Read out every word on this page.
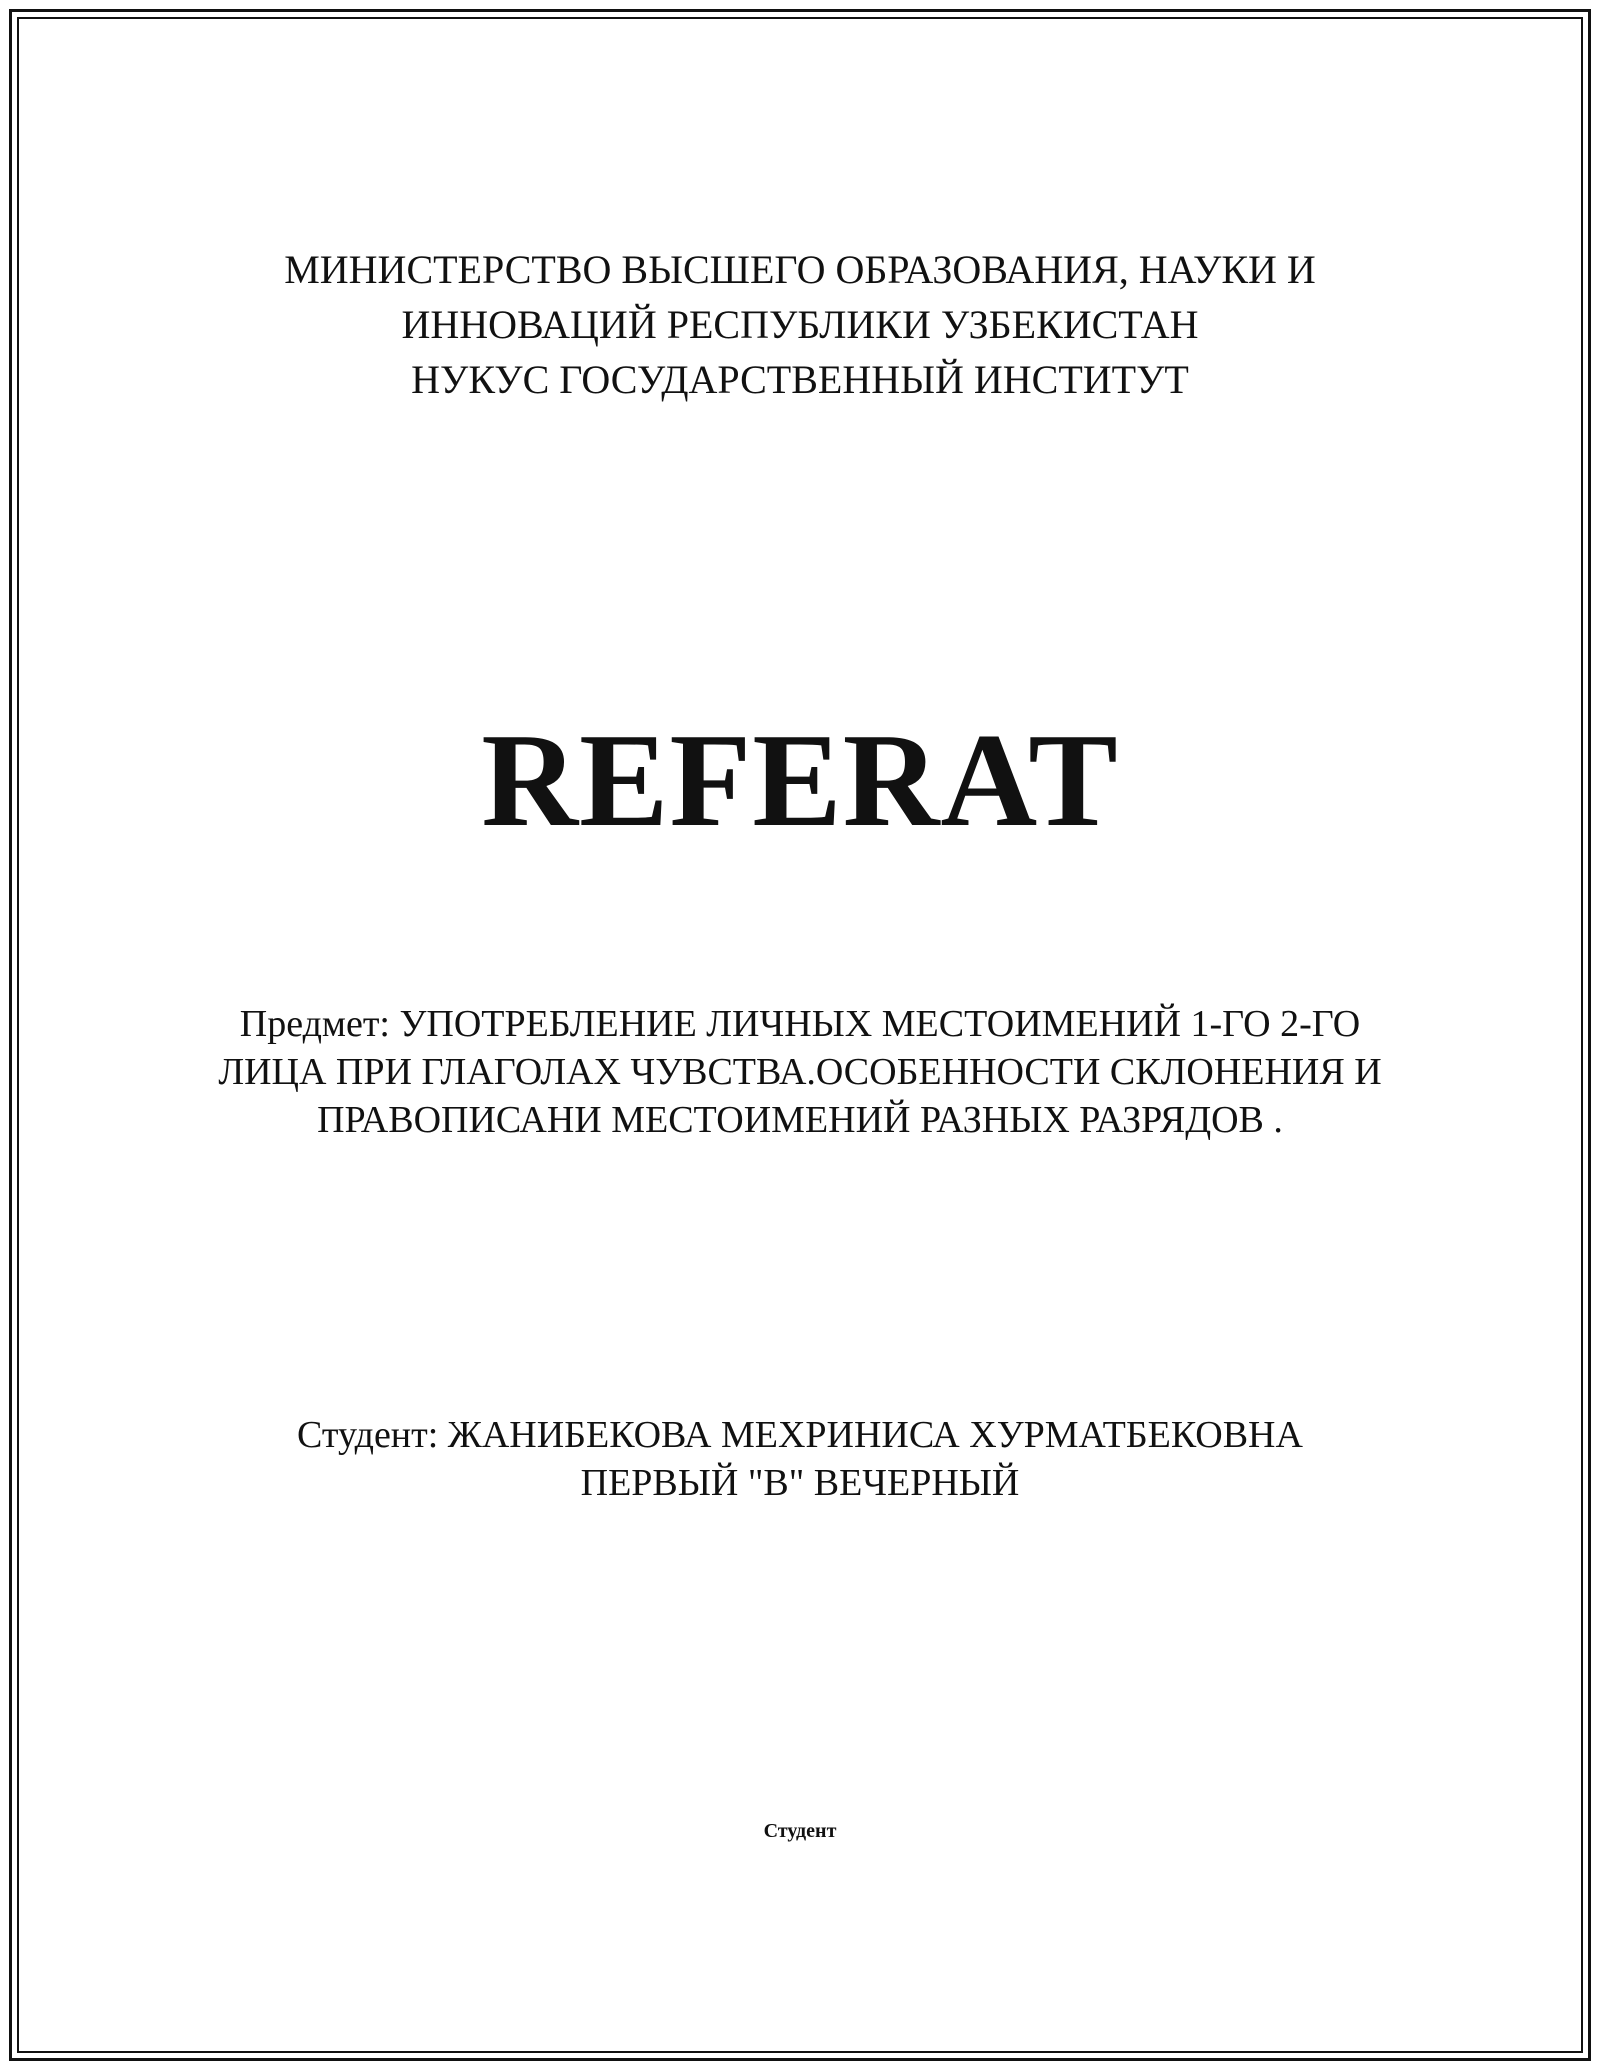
МИНИСТЕРСТВО ВЫСШЕГО ОБРАЗОВАНИЯ, НАУКИ И
ИННОВАЦИЙ РЕСПУБЛИКИ УЗБЕКИСТАН
НУКУС ГОСУДАРСТВЕННЫЙ ИНСТИТУТ
REFERAT
Предмет: УПОТРЕБЛЕНИЕ ЛИЧНЫХ МЕСТОИМЕНИЙ 1-ГО 2-ГО
ЛИЦА ПРИ ГЛАГОЛАХ ЧУВСТВА.ОСОБЕННОСТИ СКЛОНЕНИЯ И
ПРАВОПИСАНИ МЕСТОИМЕНИЙ РАЗНЫХ РАЗРЯДОВ .
Студент: ЖАНИБЕКОВА МЕХРИНИСА ХУРМАТБЕКОВНА
ПЕРВЫЙ "В" ВЕЧЕРНЫЙ
Студент
